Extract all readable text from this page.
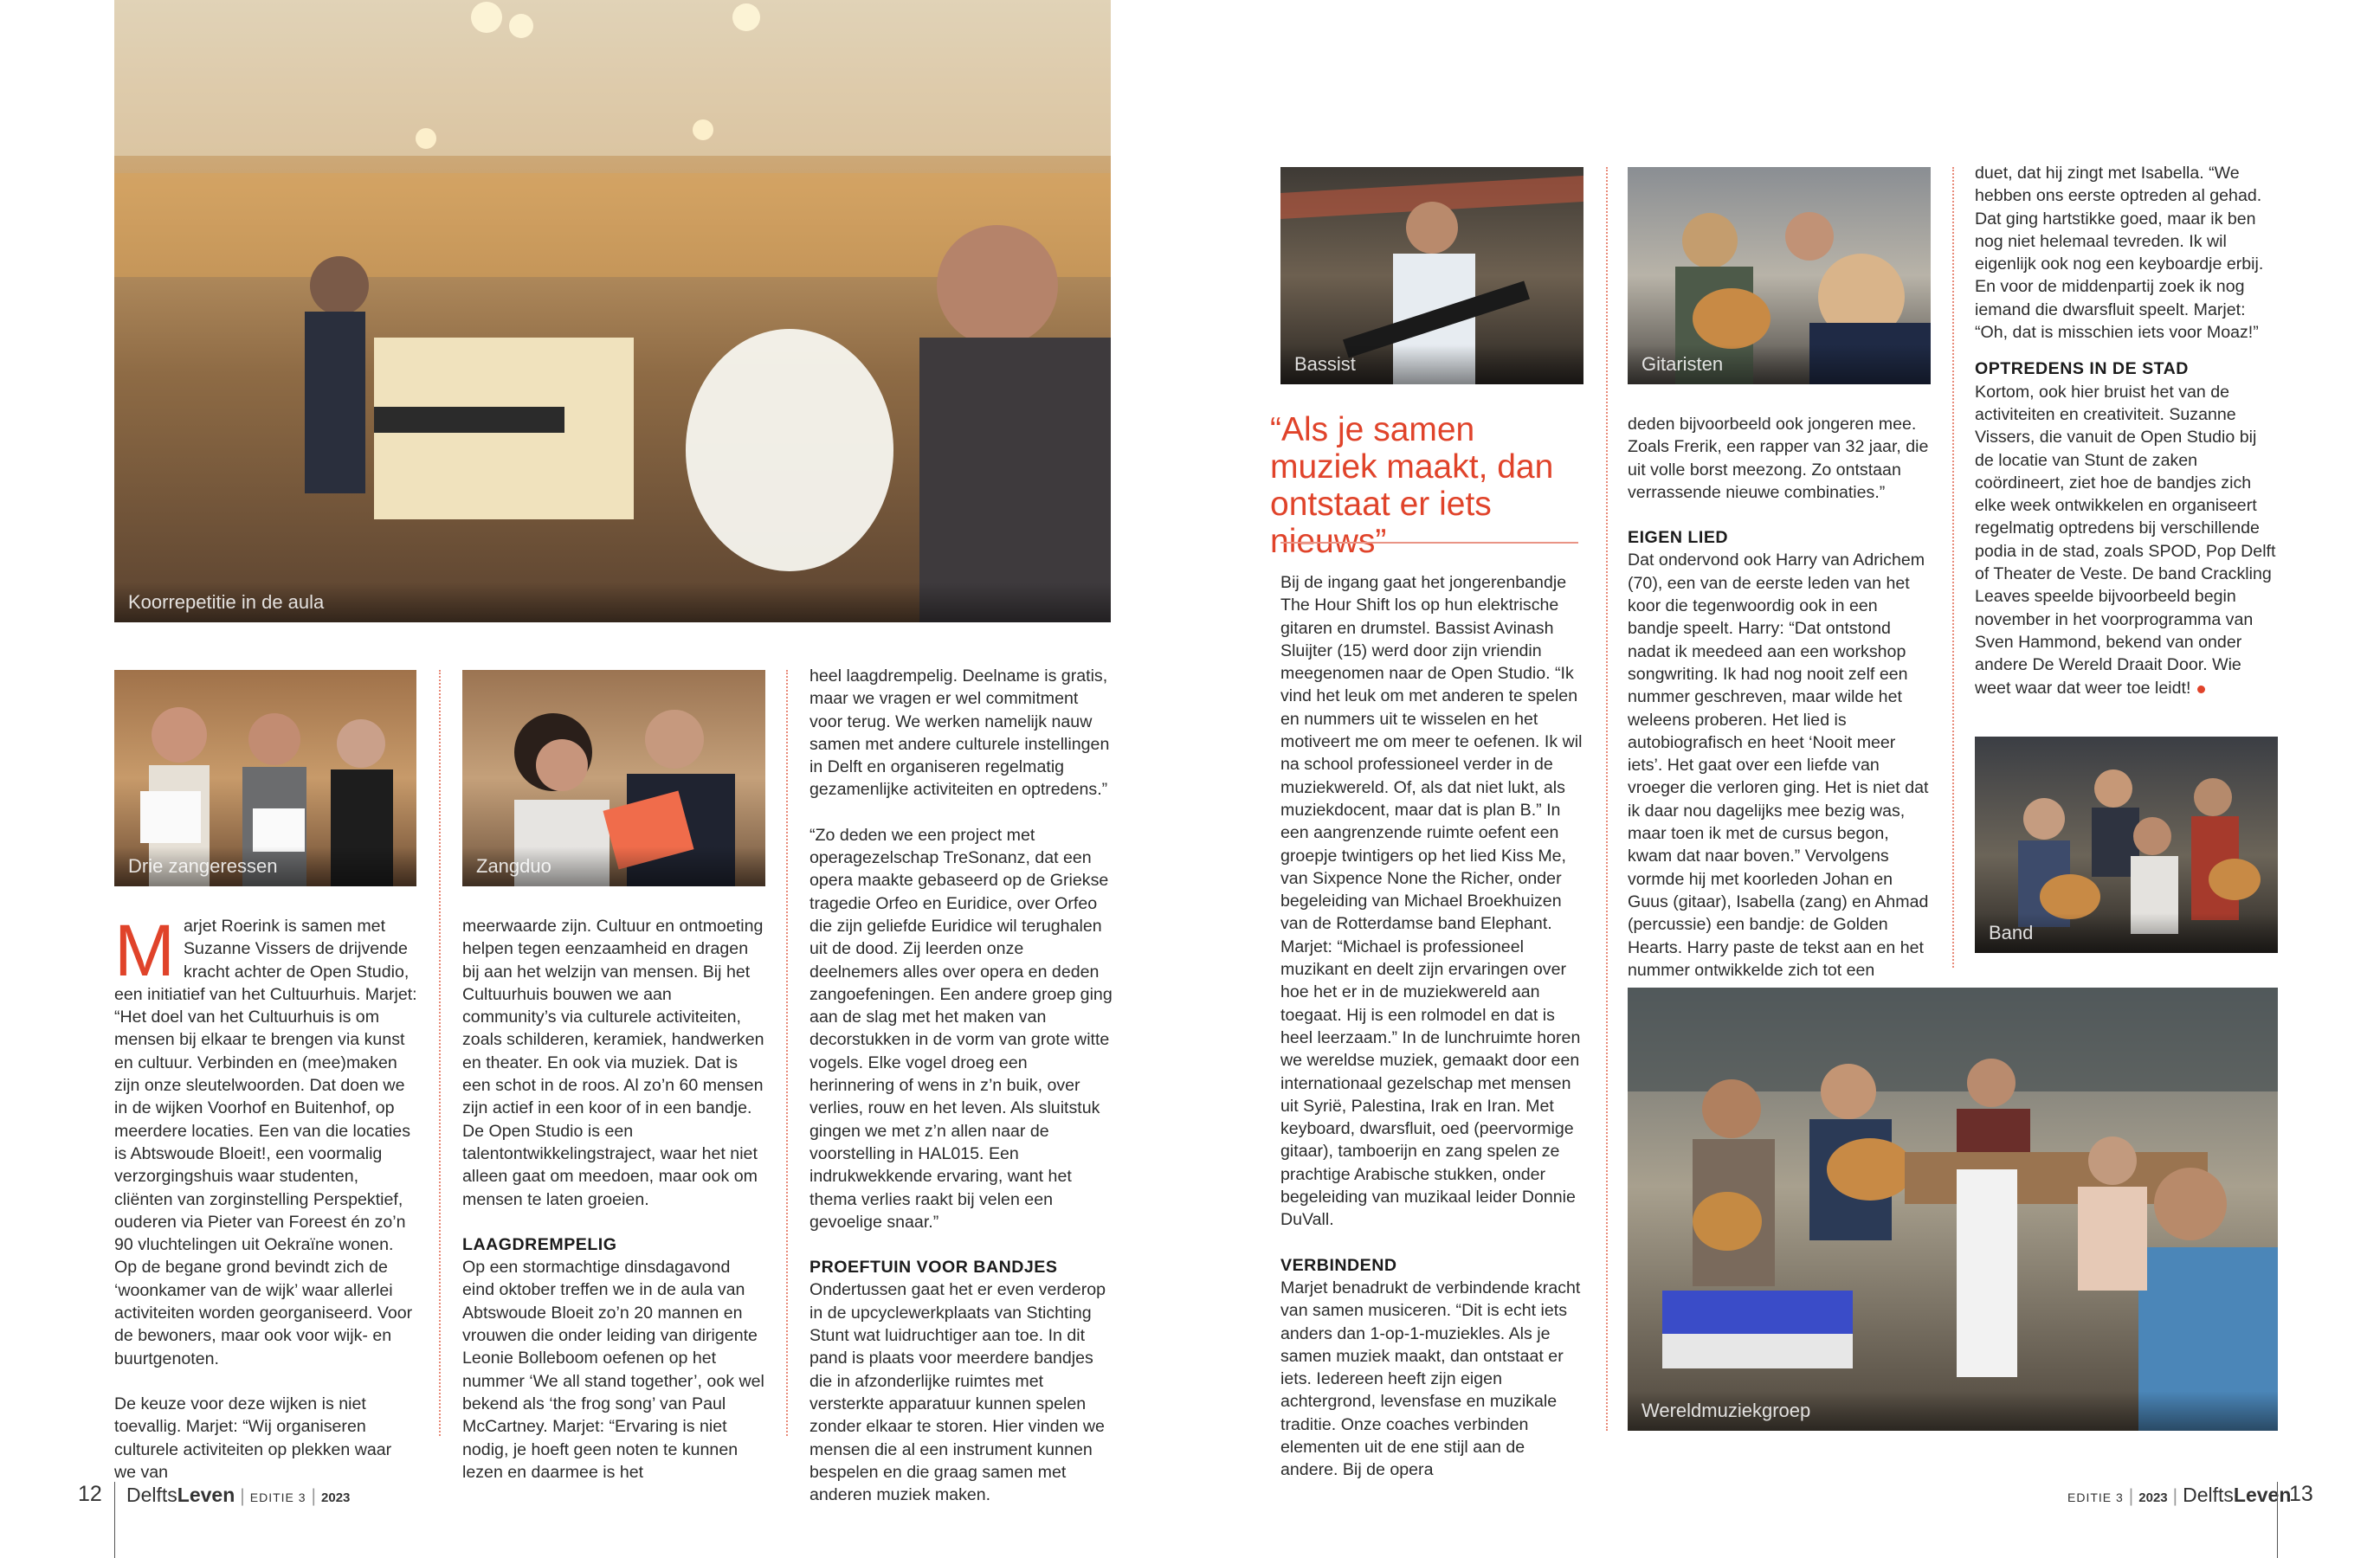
Koorrepetitie in de aula
Drie zangeressen	Zangduo

M arjet Roerink is samen met Suzanne Vissers de drijvende kracht achter de Open Studio, een initiatief van het Cultuurhuis. Marjet: “Het doel van het Cultuurhuis is om mensen bij elkaar te brengen via kunst en cultuur. Verbinden en (mee)maken zijn onze sleutelwoorden. Dat doen we in de wijken Voorhof en Buitenhof, op meerdere locaties. Een van die locaties is Abtswoude Bloeit!, een voormalig verzorgingshuis waar studenten, cliënten van zorginstelling Perspektief, ouderen via Pieter van Foreest én zo’n 90 vluchtelingen uit Oekraïne wonen. Op de begane grond bevindt zich de ‘woonkamer van de wijk’ waar allerlei activiteiten worden georganiseerd. Voor de bewoners, maar ook voor wijk- en buurtgenoten.

De keuze voor deze wijken is niet toevallig. Marjet: “Wij organiseren culturele activiteiten op plekken waar we van

meerwaarde zijn. Cultuur en ontmoeting helpen tegen eenzaamheid en dragen bij aan het welzijn van mensen. Bij het Cultuurhuis bouwen we aan community’s via culturele activiteiten, zoals schilderen, keramiek, handwerken en theater. En ook via muziek. Dat is een schot in de roos. Al zo’n 60 mensen zijn actief in een koor of in een bandje. De Open Studio is een talentontwikkelingstraject, waar het niet alleen gaat om meedoen, maar ook om mensen te laten groeien.

LAAGDREMPELIG

Op een stormachtige dinsdagavond eind oktober treffen we in de aula van Abtswoude Bloeit zo’n 20 mannen en vrouwen die onder leiding van dirigente Leonie Bolleboom oefenen op het nummer ‘We all stand together’, ook wel bekend als ‘the frog song’ van Paul McCartney. Marjet: “Ervaring is niet nodig, je hoeft geen noten te kunnen lezen en daarmee is het

heel laagdrempelig. Deelname is gratis, maar we vragen er wel commitment voor terug. We werken namelijk nauw samen met andere culturele instellingen in Delft en organiseren regelmatig gezamenlijke activiteiten en optredens.”

“Zo deden we een project met operagezelschap TreSonanz, dat een opera maakte gebaseerd op de Griekse tragedie Orfeo en Euridice, over Orfeo die zijn geliefde Euridice wil terughalen uit de dood. Zij leerden onze deelnemers alles over opera en deden zangoefeningen. Een andere groep ging aan de slag met het maken van decorstukken in de vorm van grote witte vogels. Elke vogel droeg een herinnering of wens in z’n buik, over verlies, rouw en het leven. Als sluitstuk gingen we met z’n allen naar de voorstelling in HAL015. Een indrukwekkende ervaring, want het thema verlies raakt bij velen een gevoelige snaar.”

PROEFTUIN VOOR BANDJES

Ondertussen gaat het er even verderop in de upcyclewerkplaats van Stichting Stunt wat luidruchtiger aan toe. In dit pand is plaats voor meerdere bandjes die in afzonderlijke ruimtes met versterkte apparatuur kunnen spelen zonder elkaar te storen. Hier vinden we mensen die al een instrument kunnen bespelen en die graag samen met anderen muziek maken.

12 DelftsLeven | EDITIE 3 | 2023
Bassist	Gitaristen
“Als je samen muziek maakt, dan ontstaat er iets nieuws”

Bij de ingang gaat het jongerenbandje The Hour Shift los op hun elektrische gitaren en drumstel. Bassist Avinash Sluijter (15) werd door zijn vriendin meegenomen naar de Open Studio. “Ik vind het leuk om met anderen te spelen en nummers uit te wisselen en het motiveert me om meer te oefenen. Ik wil na school professioneel verder in de muziekwereld. Of, als dat niet lukt, als muziekdocent, maar dat is plan B.” In een aangrenzende ruimte oefent een groepje twintigers op het lied Kiss Me, van Sixpence None the Richer, onder begeleiding van Michael Broekhuizen van de Rotterdamse band Elephant. Marjet: “Michael is professioneel muzikant en deelt zijn ervaringen over hoe het er in de muziekwereld aan toegaat. Hij is een rolmodel en dat is heel leerzaam.” In de lunchruimte horen we wereldse muziek, gemaakt door een internationaal gezelschap met mensen uit Syrië, Palestina, Irak en Iran. Met keyboard, dwarsfluit, oed (peervormige gitaar), tamboerijn en zang spelen ze prachtige Arabische stukken, onder begeleiding van muzikaal leider Donnie DuVall.

VERBINDEND

Marjet benadrukt de verbindende kracht van samen musiceren. “Dit is echt iets anders dan 1-op-1-muziekles. Als je samen muziek maakt, dan ontstaat er iets. Iedereen heeft zijn eigen achtergrond, levensfase en muzikale traditie. Onze coaches verbinden elementen uit de ene stijl aan de andere. Bij de opera

deden bijvoorbeeld ook jongeren mee. Zoals Frerik, een rapper van 32 jaar, die uit volle borst meezong. Zo ontstaan verrassende nieuwe combinaties.”

EIGEN LIED

Dat ondervond ook Harry van Adrichem (70), een van de eerste leden van het koor die tegenwoordig ook in een bandje speelt. Harry: “Dat ontstond nadat ik meedeed aan een workshop songwriting. Ik had nog nooit zelf een nummer geschreven, maar wilde het weleens proberen. Het lied is autobiografisch en heet ‘Nooit meer iets’. Het gaat over een liefde van vroeger die verloren ging. Het is niet dat ik daar nou dagelijks mee bezig was, maar toen ik met de cursus begon, kwam dat naar boven.” Vervolgens vormde hij met koorleden Johan en Guus (gitaar), Isabella (zang) en Ahmad (percussie) een bandje: de Golden Hearts. Harry paste de tekst aan en het nummer ontwikkelde zich tot een

duet, dat hij zingt met Isabella. “We hebben ons eerste optreden al gehad. Dat ging hartstikke goed, maar ik ben nog niet helemaal tevreden. Ik wil eigenlijk ook nog een keyboardje erbij. En voor de middenpartij zoek ik nog iemand die dwarsfluit speelt. Marjet: “Oh, dat is misschien iets voor Moaz!”

OPTREDENS IN DE STAD

Kortom, ook hier bruist het van de activiteiten en creativiteit. Suzanne Vissers, die vanuit de Open Studio bij de locatie van Stunt de zaken coördineert, ziet hoe de bandjes zich elke week ontwikkelen en organiseert regelmatig optredens bij verschillende podia in de stad, zoals SPOD, Pop Delft of Theater de Veste. De band Crackling Leaves speelde bijvoorbeeld begin november in het voorprogramma van Sven Hammond, bekend van onder andere De Wereld Draait Door. Wie weet waar dat weer toe leidt!

Band
Wereldmuziekgroep
EDITIE 3 | 2023 | DelftsLeven
13
